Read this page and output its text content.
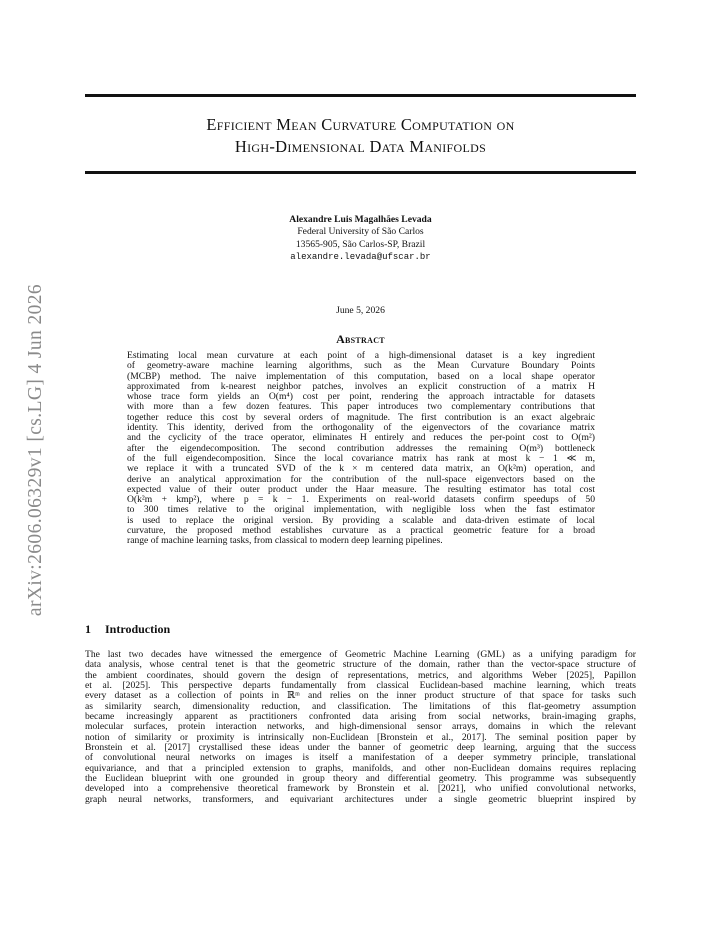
arXiv:2606.06329v1 [cs.LG] 4 Jun 2026
Efficient Mean Curvature Computation on
High-Dimensional Data Manifolds
Alexandre Luis Magalhães Levada
Federal University of São Carlos
13565-905, São Carlos-SP, Brazil
alexandre.levada@ufscar.br
June 5, 2026
Abstract
Estimating local mean curvature at each point of a high-dimensional dataset is a key ingredient
of geometry-aware machine learning algorithms, such as the Mean Curvature Boundary Points
(MCBP) method. The naive implementation of this computation, based on a local shape operator
approximated from k-nearest neighbor patches, involves an explicit construction of a matrix H
whose trace form yields an O(m⁴) cost per point, rendering the approach intractable for datasets
with more than a few dozen features. This paper introduces two complementary contributions that
together reduce this cost by several orders of magnitude. The first contribution is an exact algebraic
identity. This identity, derived from the orthogonality of the eigenvectors of the covariance matrix
and the cyclicity of the trace operator, eliminates H entirely and reduces the per-point cost to O(m²)
after the eigendecomposition. The second contribution addresses the remaining O(m³) bottleneck
of the full eigendecomposition. Since the local covariance matrix has rank at most k − 1 ≪ m,
we replace it with a truncated SVD of the k × m centered data matrix, an O(k²m) operation, and
derive an analytical approximation for the contribution of the null-space eigenvectors based on the
expected value of their outer product under the Haar measure. The resulting estimator has total cost
O(k²m + kmp²), where p = k − 1. Experiments on real-world datasets confirm speedups of 50
to 300 times relative to the original implementation, with negligible loss when the fast estimator
is used to replace the original version. By providing a scalable and data-driven estimate of local
curvature, the proposed method establishes curvature as a practical geometric feature for a broad
range of machine learning tasks, from classical to modern deep learning pipelines.
1 Introduction
The last two decades have witnessed the emergence of Geometric Machine Learning (GML) as a unifying paradigm for
data analysis, whose central tenet is that the geometric structure of the domain, rather than the vector-space structure of
the ambient coordinates, should govern the design of representations, metrics, and algorithms Weber [2025], Papillon
et al. [2025]. This perspective departs fundamentally from classical Euclidean-based machine learning, which treats
every dataset as a collection of points in ℝᵐ and relies on the inner product structure of that space for tasks such
as similarity search, dimensionality reduction, and classification. The limitations of this flat-geometry assumption
became increasingly apparent as practitioners confronted data arising from social networks, brain-imaging graphs,
molecular surfaces, protein interaction networks, and high-dimensional sensor arrays, domains in which the relevant
notion of similarity or proximity is intrinsically non-Euclidean [Bronstein et al., 2017]. The seminal position paper by
Bronstein et al. [2017] crystallised these ideas under the banner of geometric deep learning, arguing that the success
of convolutional neural networks on images is itself a manifestation of a deeper symmetry principle, translational
equivariance, and that a principled extension to graphs, manifolds, and other non-Euclidean domains requires replacing
the Euclidean blueprint with one grounded in group theory and differential geometry. This programme was subsequently
developed into a comprehensive theoretical framework by Bronstein et al. [2021], who unified convolutional networks,
graph neural networks, transformers, and equivariant architectures under a single geometric blueprint inspired by
